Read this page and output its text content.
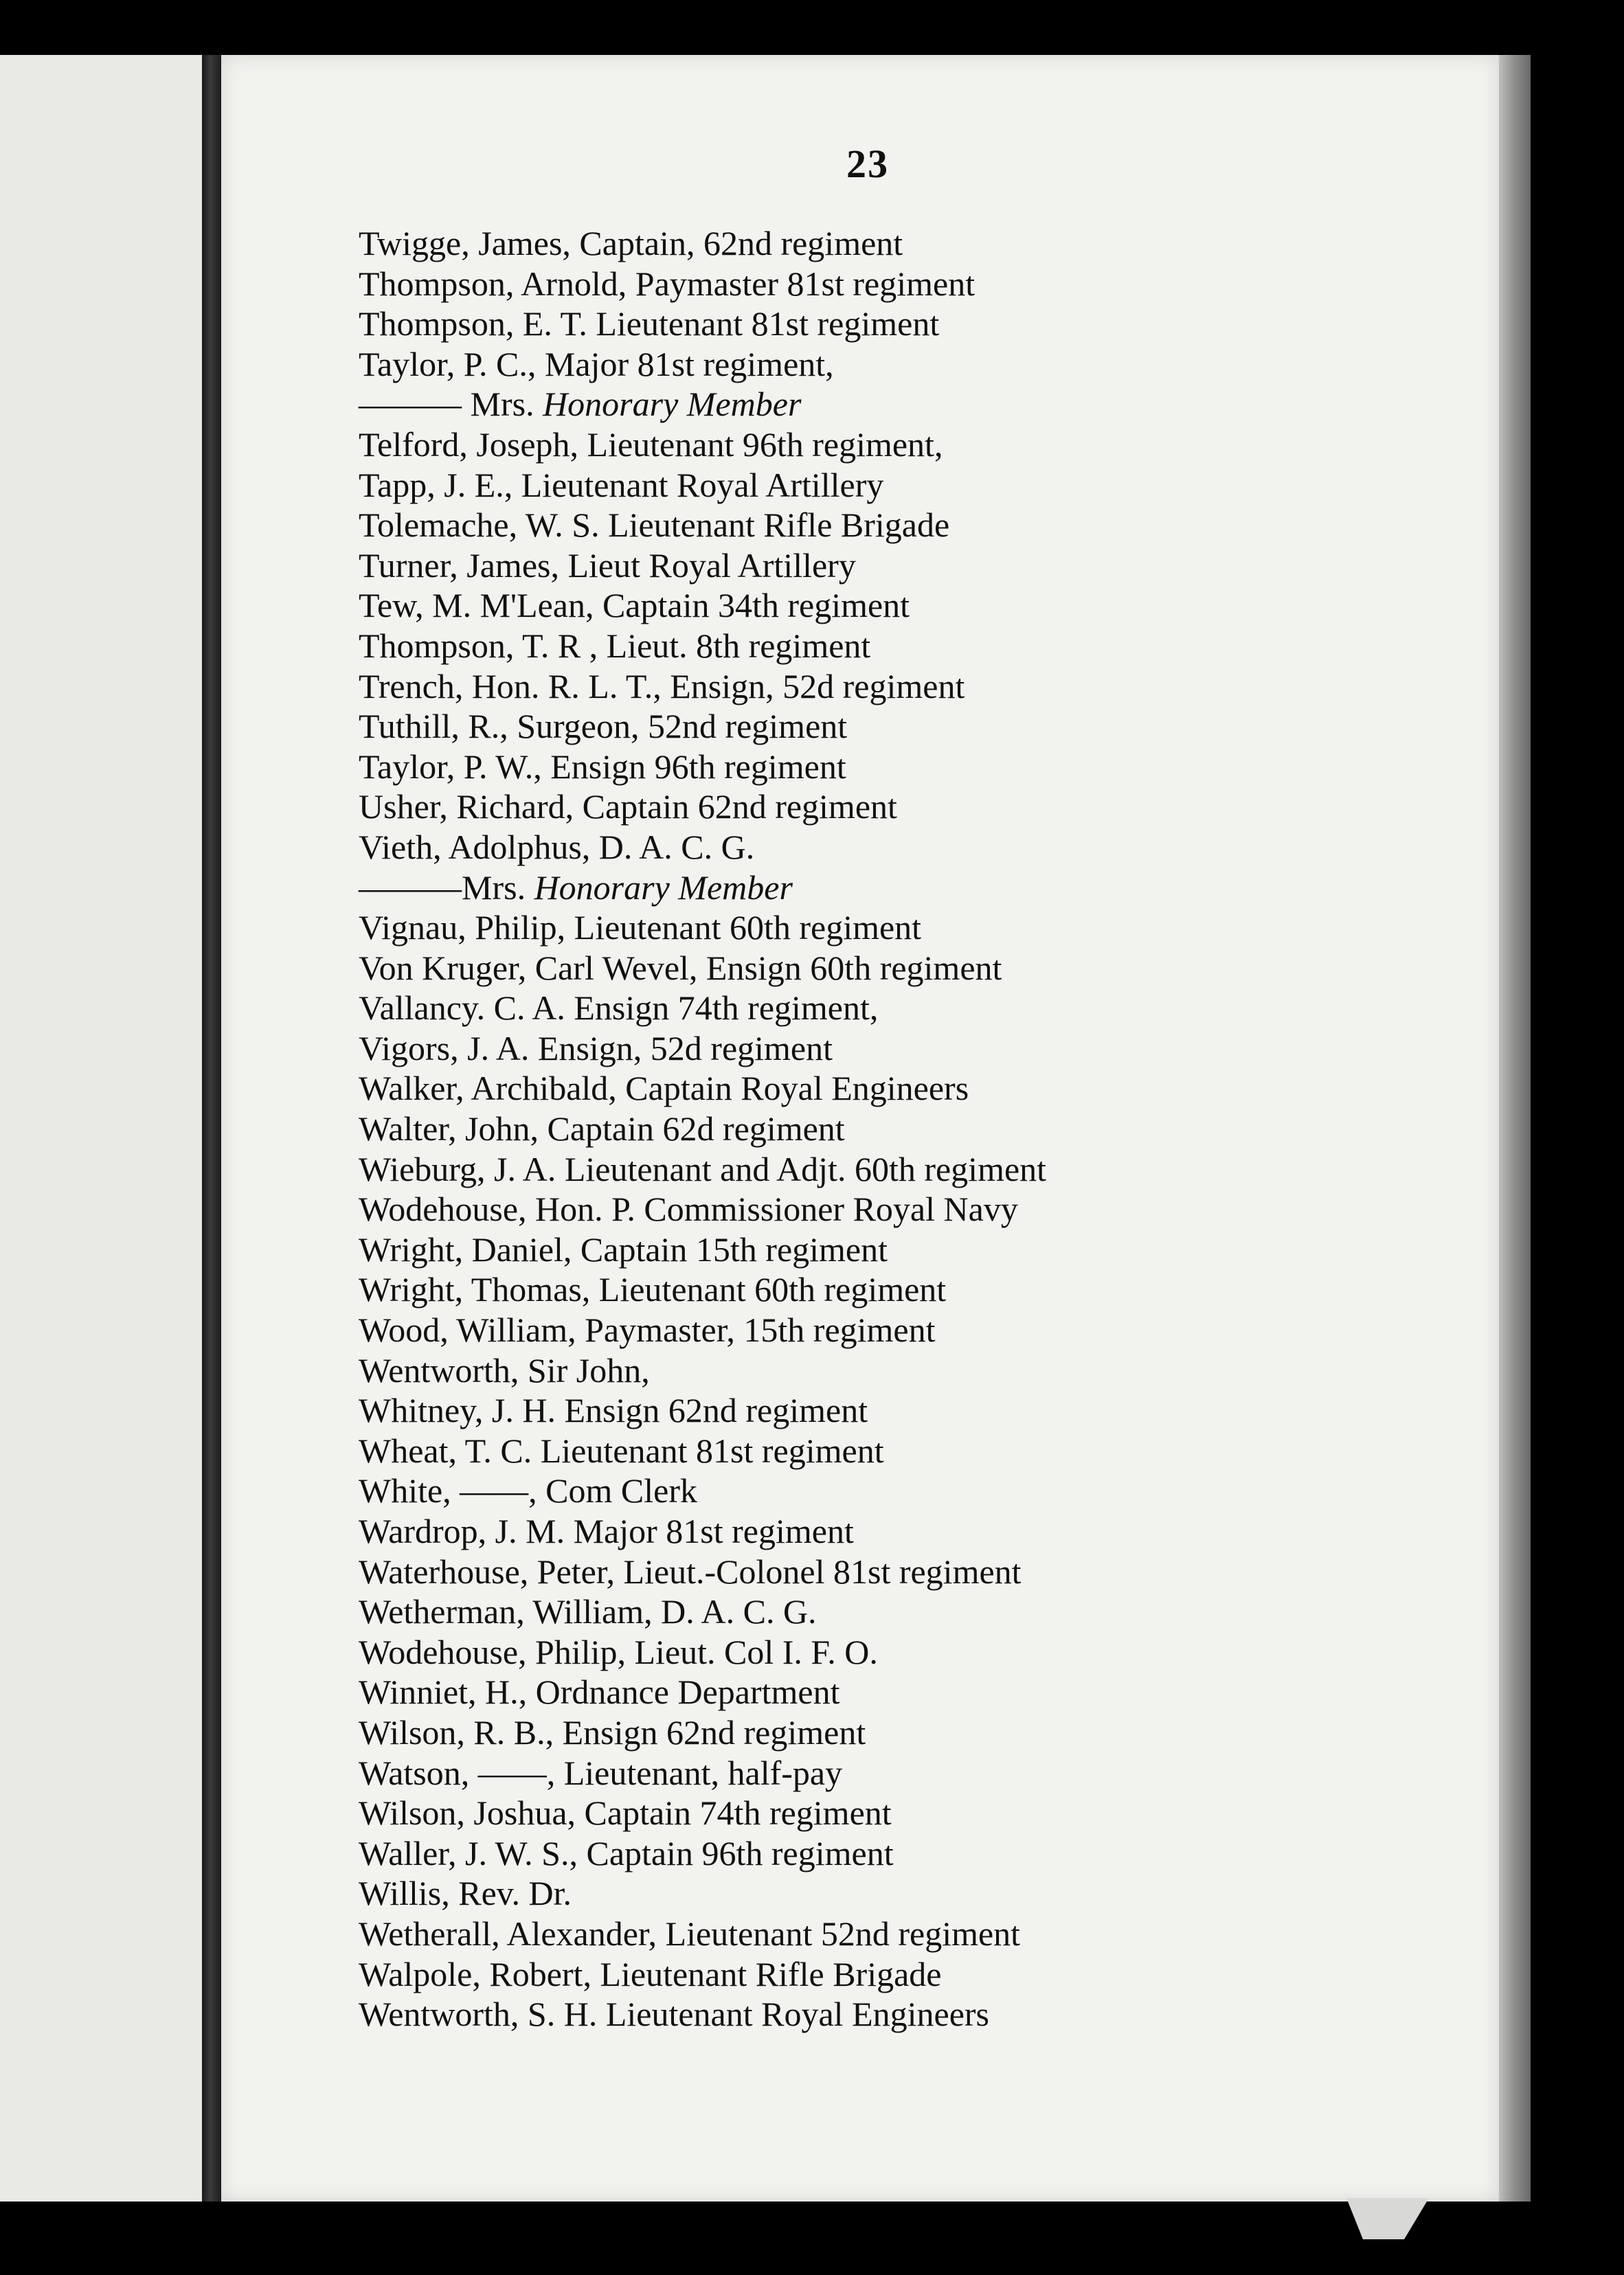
23
Twigge, James, Captain, 62nd regiment
Thompson, Arnold, Paymaster 81st regiment
Thompson, E. T. Lieutenant 81st regiment
Taylor, P. C., Major 81st regiment,
——— Mrs. Honorary Member
Telford, Joseph, Lieutenant 96th regiment,
Tapp, J. E., Lieutenant Royal Artillery
Tolemache, W. S. Lieutenant Rifle Brigade
Turner, James, Lieut Royal Artillery
Tew, M. M'Lean, Captain 34th regiment
Thompson, T. R , Lieut. 8th regiment
Trench, Hon. R. L. T., Ensign, 52d regiment
Tuthill, R., Surgeon, 52nd regiment
Taylor, P. W., Ensign 96th regiment
Usher, Richard, Captain 62nd regiment
Vieth, Adolphus, D. A. C. G.
———Mrs. Honorary Member
Vignau, Philip, Lieutenant 60th regiment
Von Kruger, Carl Wevel, Ensign 60th regiment
Vallancy. C. A. Ensign 74th regiment,
Vigors, J. A. Ensign, 52d regiment
Walker, Archibald, Captain Royal Engineers
Walter, John, Captain 62d regiment
Wieburg, J. A. Lieutenant and Adjt. 60th regiment
Wodehouse, Hon. P. Commissioner Royal Navy
Wright, Daniel, Captain 15th regiment
Wright, Thomas, Lieutenant 60th regiment
Wood, William, Paymaster, 15th regiment
Wentworth, Sir John,
Whitney, J. H. Ensign 62nd regiment
Wheat, T. C. Lieutenant 81st regiment
White, ——, Com Clerk
Wardrop, J. M. Major 81st regiment
Waterhouse, Peter, Lieut.-Colonel 81st regiment
Wetherman, William, D. A. C. G.
Wodehouse, Philip, Lieut. Col I. F. O.
Winniet, H., Ordnance Department
Wilson, R. B., Ensign 62nd regiment
Watson, ——, Lieutenant, half-pay
Wilson, Joshua, Captain 74th regiment
Waller, J. W. S., Captain 96th regiment
Willis, Rev. Dr.
Wetherall, Alexander, Lieutenant 52nd regiment
Walpole, Robert, Lieutenant Rifle Brigade
Wentworth, S. H. Lieutenant Royal Engineers
